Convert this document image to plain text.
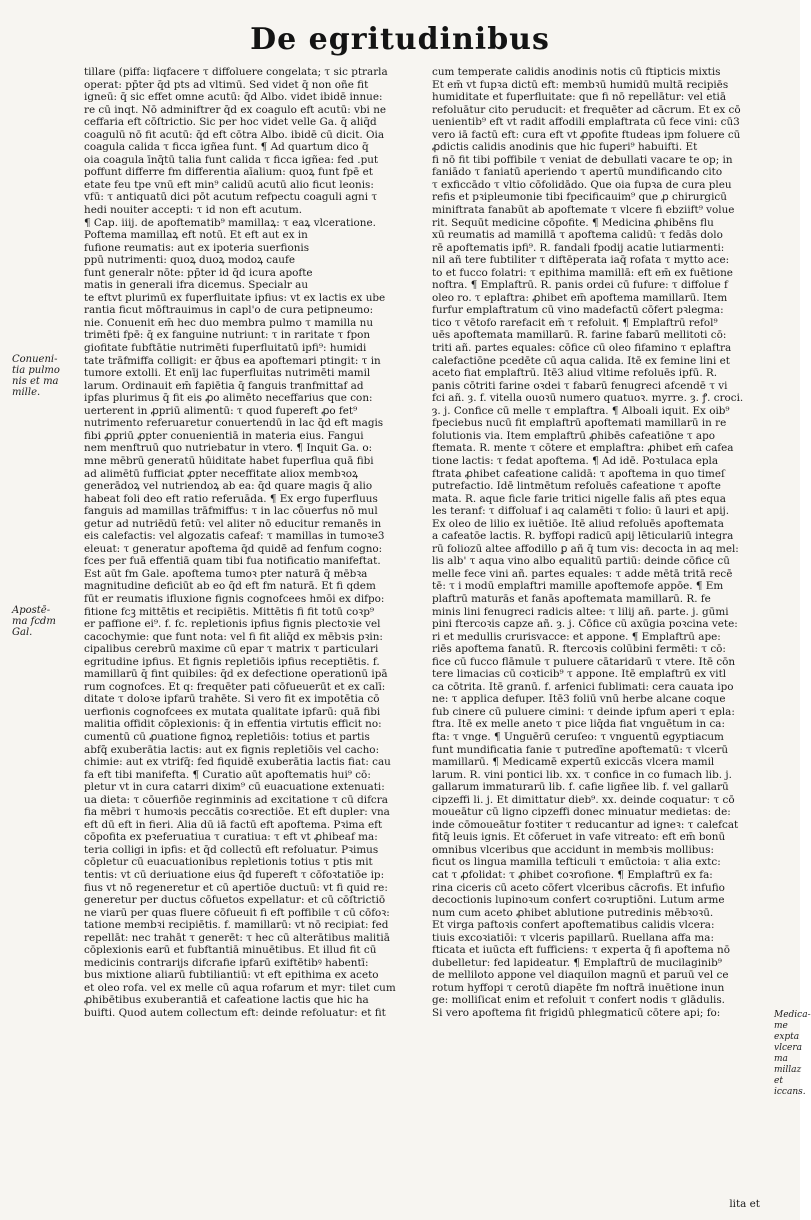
De egritudinibus
tillare (piffa: liqfacere τ diffoluere congelata; τ sic ptrarla
operat: pp̄ter q̄d pts ad vltimū. Sed videt q̄ non oñe fit
igneū: q̄ sic effet omne acutū: q̄d Albo. videt ibidē innue:
re cū inqt. Nō adminiftrer q̄d ex coagulo eft acutū: vbi ne
ceffaria eft cōſtrictio. Sic per hoc videt velle Ga. q̄ aliq̄d
coagulū nō fit acutū: q̄d eft cōtra Albo. ibidē cū dicit. Oia
coagula calida τ ficca igñea funt. ¶ Ad quartum dico q̄
oia coagula īnq̄tū talia funt calida τ ficca igñea: fed .put
poffunt differre fm differentia aīalium: quoꝝ funt fpē et
etate feu tpe vnū eft min⁹ calidū acutū alio ficut leonis:
vfū: τ antiquatū dici pōt acutum refpectu coaguli agni τ
hedi nouiter accepti: τ id non eft acutum.
¶ Cap. iiij. de apoftematib⁹ mamillaꝝ: τ eaꝝ vlceratione.
Poftema mamillaꝝ eft notū. Et eft aut ex in
fufione reumatis: aut ex ipoteria suerfionis
ppū nutrimenti: quoꝝ duoꝝ modoꝝ caufe
funt generalr nōte: pp̄ter id q̄d icura apofte
matis in generali ifra dicemus. Specialr au
te eftvt plurimū ex fuperfluitate ipfius: vt ex lactis ex ube
rantia ficut mōftrauimus in capl'o de cura petipneumo:
nie. Conuenit em̄ hec duo membra pulmo τ mamilla nu
trimēti fpē: q̄ ex fanguine nutriunt: τ in raritate τ fpon
giofitate fubftātie nutrimēti fuperfluitatū ipfi⁹: humidi
tate trāfmiffa colligit: er q̄bus ea apoftemari ptingit: τ in
tumore extolli. Et enīj lac fuperfluitas nutrimēti mamil
larum. Ordinauit em̄ fapiētia q̄ fanguis tranfmittaf ad
ipfas plurimus q̄ fit eis ꝓo alimēto neceffarius que con:
uerterent in ꝓpriū alimentū: τ quod fupereft ꝓo fet⁹
nutrimento referuaretur conuertendū in lac q̄d eft magis
fibi ꝓpriū ꝓpter conuenientiā in materia eius. Fangui
nem menftruū quo nutriebatur in vtero. ¶ Inquit Ga. o:
mne mēbrū generatū hūiditate habet fuperflua quā fibi
ad alimētū fufficiat ꝓpter neceffitate aliox membꝛoꝝ
generādoꝝ vel nutriendoꝝ ab ea: q̄d quare magis q̄ alio
habeat foli deo eft ratio referuāda. ¶ Ex ergo fuperfluus
fanguis ad mamillas trāfmiffus: τ in lac cōuerfus nō mul
getur ad nutriēdū fetū: vel aliter nō educitur remanēs in
eis calefactis: vel algozatis cafeaf: τ mamillas in tumoꝛe3
eleuat: τ generatur apoftema q̄d quidē ad fenfum cogno:
fces per fuā effentiā quam tibi fua notificatio manifeftat.
Est aūt fm Gale. apoftema tumoꝛ pter naturā q̄ mēbꝛa
magnitudine deficiūt ab eo q̄d eft fm naturā. Et fi qdem
fūt er reumatis ifluxione fignis cognofcees hmōi ex difpo:
fitione fcꝫ mittētis et recipiētis. Mittētis fi fit totū coꝛp⁹
er paffione ei⁹. f. fc. repletionis ipfius fignis plectoꝛie vel
cacochymie: que funt nota: vel fi fit aliq̄d ex mēbꝛis pꝛin:
cipalibus cerebrū maxime cū epar τ matrix τ particulari
egritudine ipfius. Et fignis repletiōis ipfius receptiētis. f.
mamillarū q̄ fint quibiles: q̄d ex defectione operationū ipā
rum cognofces. Et q: frequēter pati cōfueuerūt et ex calī:
ditate τ doloꝛe ipfarū trahēte. Si vero fit ex impotētia cō
uerfionis cognofcees ex mutata qualitate ipfarū: quā fibi
malitia offidit cōplexionis: q̄ in effentia virtutis efficit no:
cumentū cū ꝓuatione fignoꝝ repletiōis: totius et partis
abfq̄ exuberātia lactis: aut ex fignis repletiōis vel cacho:
chimie: aut ex vtrifq̄: fed fiquidē exuberātia lactis fiat: cau
fa eft tibi manifefta. ¶ Curatio aūt apoftematis hui⁹ cō:
pletur vt in cura catarri dixim⁹ cū euacuatione extenuati:
ua dieta: τ cōuerfiōe reginminis ad excitatione τ cū difcra
fia mēbri τ humoꝛis peccātis coꝛrectiōe. Et eft dupler: vna
eft dū eft in fieri. Alia dū iā factū eft apoftema. Pꝛima eft
cōpofita ex pꝛeferuatiua τ curatiua: τ eft vt ꝓhibeaf ma:
teria colligi in ipfis: et q̄d collectū eft refoluatur. Pꝛimus
cōpletur cū euacuationibus repletionis totius τ ptis mit
tentis: vt cū deriuatione eius q̄d fupereft τ cōfoꝛtatiōe ip:
fius vt nō regeneretur et cū apertiōe ductuū: vt fi quid re:
generetur per ductus cōfuetos expellatur: et cū cōſtrictiō
ne viarū per quas fluere cōfueuit fi eft poffibile τ cū cōfoꝛ:
tatione membꝛi recipiētis. f. mamillarū: vt nō recipiat: fed
repellāt: nec trahāt τ generēt: τ hec cū alterātibus malitiā
cōplexionis earū et fubftantiā minuētibus. Et illud fit cū
medicinis contrarijs difcrafie ipfarū exiftētibꝰ habentī:
bus mixtione aliarū fubtiliantiū: vt eft epithima ex aceto
et oleo rofa. vel ex melle cū aqua rofarum et myr: tilet cum
ꝓhibētibus exuberantiā et cafeatione lactis que hic ha
buifti. Quod autem collectum eft: deinde refoluatur: et fit
cum temperate calidis anodinis notis cū ftipticis mixtis
Et em̄ vt fupꝛa dictū eft: membꝛū humidū multā recipiēs
humiditate et fuperfluitate: que fi nō repellātur: vel etiā
refoluātur cito peruducit: et frequēter ad cācrum. Et ex cō
uenientib⁹ eft vt radit affodili emplaftrata cū fece vini: cū3
vero iā factū eft: cura eft vt ꝓpofite ftudeas ipm foluere cū
ꝓdictis calidis anodinis que hic fuꝑeri⁹ habuifti. Et
fi nō fit tibi poffibile τ veniat de debullati vacare te op; in
faniādo τ faniatū aperiendo τ apertū mundificando cito
τ exficcādo τ vltio cōfolidādo. Que oia fupꝛa de cura pleu
refis et pꝛipleumonie tibi fpecificauim⁹ que ꝓ chirurgicū
miniftrata fanabūt ab apoftemate τ vlcere fi ebziift⁹ volue
rit. Sequūt medicine cōpofite. ¶ Medicina ꝓhibēns flu
xū reumatis ad mamillā τ apoftema calidū: τ fedās dolo
rē apoftematis ipfi⁹. R. fandali fpodij acatie lutiarmenti:
nil añ tere fubtiliter τ diftēperata iaq̄ rofata τ mytto ace:
to et fucco folatri: τ epithima mamillā: eft em̄ ex fuētione
noftra. ¶ Emplaftrū. R. panis ordei cū fufure: τ diffolue f
oleo ro. τ eplaftra: ꝓhibet em̄ apoftema mamillarū. Item
furfur emplaftratum cū vino madefactū cōfert pꝛlegma:
tico τ vētofo rarefacit em̄ τ refoluit. ¶ Emplaftrū refol⁹
uēs apoftemata mamillarū. R. farine fabarū mellitoti cō:
triti añ. partes equales: cōfice cū oleo fifamino τ eplaftra
calefactiōne pcedēte cū aqua calida. Itē ex femine lini et
aceto fiat emplaftrū. Itē3 aliud vltime refoluēs ipfū. R.
panis cōtriti farine oꝛdei τ fabarū fenugreci afcendē τ vi
fci añ. ȝ. f. vitella ouoꝛū numero quatuoꝛ. myrre. ȝ. ꝭ. croci.
ȝ. j. Confice cū melle τ emplaftra. ¶ Alboali iquit. Ex oib⁹
fpeciebus nucū fit emplaftrū apoftemati mamillarū in re
folutionis via. Item emplaftrū ꝓhibēs cafeatiōne τ apo
ftemata. R. mente τ cōtere et emplaftra: ꝓhibet em̄ cafea
tione lactis: τ fedat apoftema. ¶ Ad idē. Poꝛtulaca epla
ftrata ꝓhibet cafeatione calidā: τ apoftema in quo timeſ
putrefactio. Idē lintmētum refoluēs cafeatione τ apofte
mata. R. aque ficle farie tritici nigelle falis añ ptes equa
les teranf: τ diffoluaf i aq calamēti τ folio: ū lauri et apij.
Ex oleo de lilio ex iuētiōe. Itē aliud refoluēs apoftemata
a cafeatōe lactis. R. byffopi radicū apij lēticulariū integra
rū foliozū altee affodillo ꝑ añ q̄ tum vis: decocta in aq mel:
lis alb' τ aqua vino albo equalitū partiū: deinde cōfice cū
melle fece vini añ. partes equales: τ adde mētā tritā recē
tē: τ i modū emplaftri mamille apoftemofe appōe. ¶ Em
plaftrū maturās et fanās apoftemata mamillarū. R. fe
minis lini fenugreci radicis altee: τ lilij añ. parte. j. gūmi
pini ftercoꝛis capze añ. ȝ. j. Cōfice cū axūgia poꝛcina vete:
ri et medullis crurisvacce: et appone. ¶ Emplaftrū ape:
riēs apoftema fanatū. R. ftercoꝛis colūbini fermēti: τ cō:
fice cū fucco flāmule τ puluere cātaridarū τ vtere. Itē cōn
tere limacias cū coꝛticib⁹ τ appone. Itē emplaftrū ex vitl
ca cōtrita. Itē granū. f. arfenici fublimati: cera cauata ipo
ne: τ applica defuper. Itē3 foliū vnū herbe alcane coque
fub cinere cū puluere cimini: τ deinde ipfum aperi τ epla:
ftra. Itē ex melle aneto τ pice liq̄da fiat vnguētum in ca:
fta: τ vnge. ¶ Unguērū ceruſeo: τ vnguentū egyptiacum
funt mundificatia fanie τ putredīne apoftematū: τ vlcerū
mamillarū. ¶ Medicamē expertū exiccās vlcera mamil
larum. R. vini pontici lib. xx. τ confice in co fumach lib. j.
gallarum immaturarū lib. f. cafie ligñee lib. f. vel gallarū
cipzeffi li. j. Et dimittatur dieb⁹. xx. deinde coquatur: τ cō
moueātur cū ligno cipzeffi donec minuatur medietas: de:
inde cōmoueātur foꝛtiter τ reducantur ad igneꝛ: τ calefcat
fitq̄ leuis ignis. Et cōferuet in vafe vitreato: eft em̄ bonū
omnibus vlceribus que accidunt in membꝛis mollibus:
ficut os lingua mamilla tefticuli τ emūctoia: τ alia extc:
cat τ ꝓfolidat: τ ꝓhibet coꝛrofione. ¶ Emplaftrū ex fa:
rina ciceris cū aceto cōfert vlceribus cācrofis. Et infufio
decoctionis lupinoꝛum confert coꝛruptiōni. Lutum arme
num cum aceto ꝓhibet ablutione putredinis mēbꝛoꝛū.
Et virga paftoꝛis confert apoftematibus calidis vlcera:
tiuis excoꝛiatiōi: τ vlceris papillarū. Ruellana affa ma:
fticata et iuūcta eft fufficiens: τ experta q̄ fi apoftema nō
dubelletur: fed lapideatur. ¶ Emplaftrū de mucilaginib⁹
de melliloto appone vel diaquilon magnū et paruū vel ce
rotum hyffopi τ cerotū diapēte fm noftrā inuētione inun
ge: molliſicat enim et refoluit τ confert nodis τ glādulis.
Si vero apoftema fit frigidū phlegmaticū cōtere api; fo:
Conueni-
tia pulmo
nis et ma
mille.
Apostē-
ma fcdm
Gal.
Medica-
me expta
vlcera ma
millaz et
iccans.
lita et
